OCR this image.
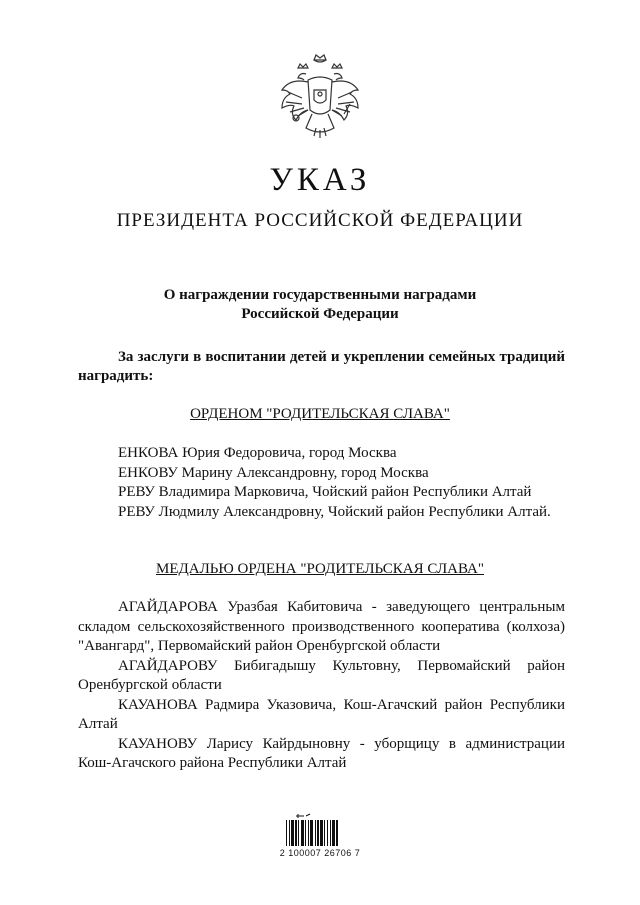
УКАЗ
ПРЕЗИДЕНТА РОССИЙСКОЙ ФЕДЕРАЦИИ
О награждении государственными наградами
Российской Федерации
За заслуги в воспитании детей и укреплении семейных традиций наградить:
ОРДЕНОМ "РОДИТЕЛЬСКАЯ СЛАВА"

ЕНКОВА Юрия Федоровича, город Москва

ЕНКОВУ Марину Александровну, город Москва

РЕВУ Владимира Марковича, Чойский район Республики Алтай

РЕВУ Людмилу Александровну, Чойский район Республики Алтай.

МЕДАЛЬЮ ОРДЕНА "РОДИТЕЛЬСКАЯ СЛАВА"

АГАЙДАРОВА Уразбая Кабитовича - заведующего центральным складом сельскохозяйственного производственного кооператива (колхоза) "Авангард", Первомайский район Оренбургской области

АГАЙДАРОВУ Бибигадышу Культовну, Первомайский район Оренбургской области

КАУАНОВА Радмира Указовича, Кош-Агачский район Республики Алтай

КАУАНОВУ Ларису Кайрдыновну - уборщицу в администрации Кош-Агачского района Республики Алтай

2 100007 26706 7
